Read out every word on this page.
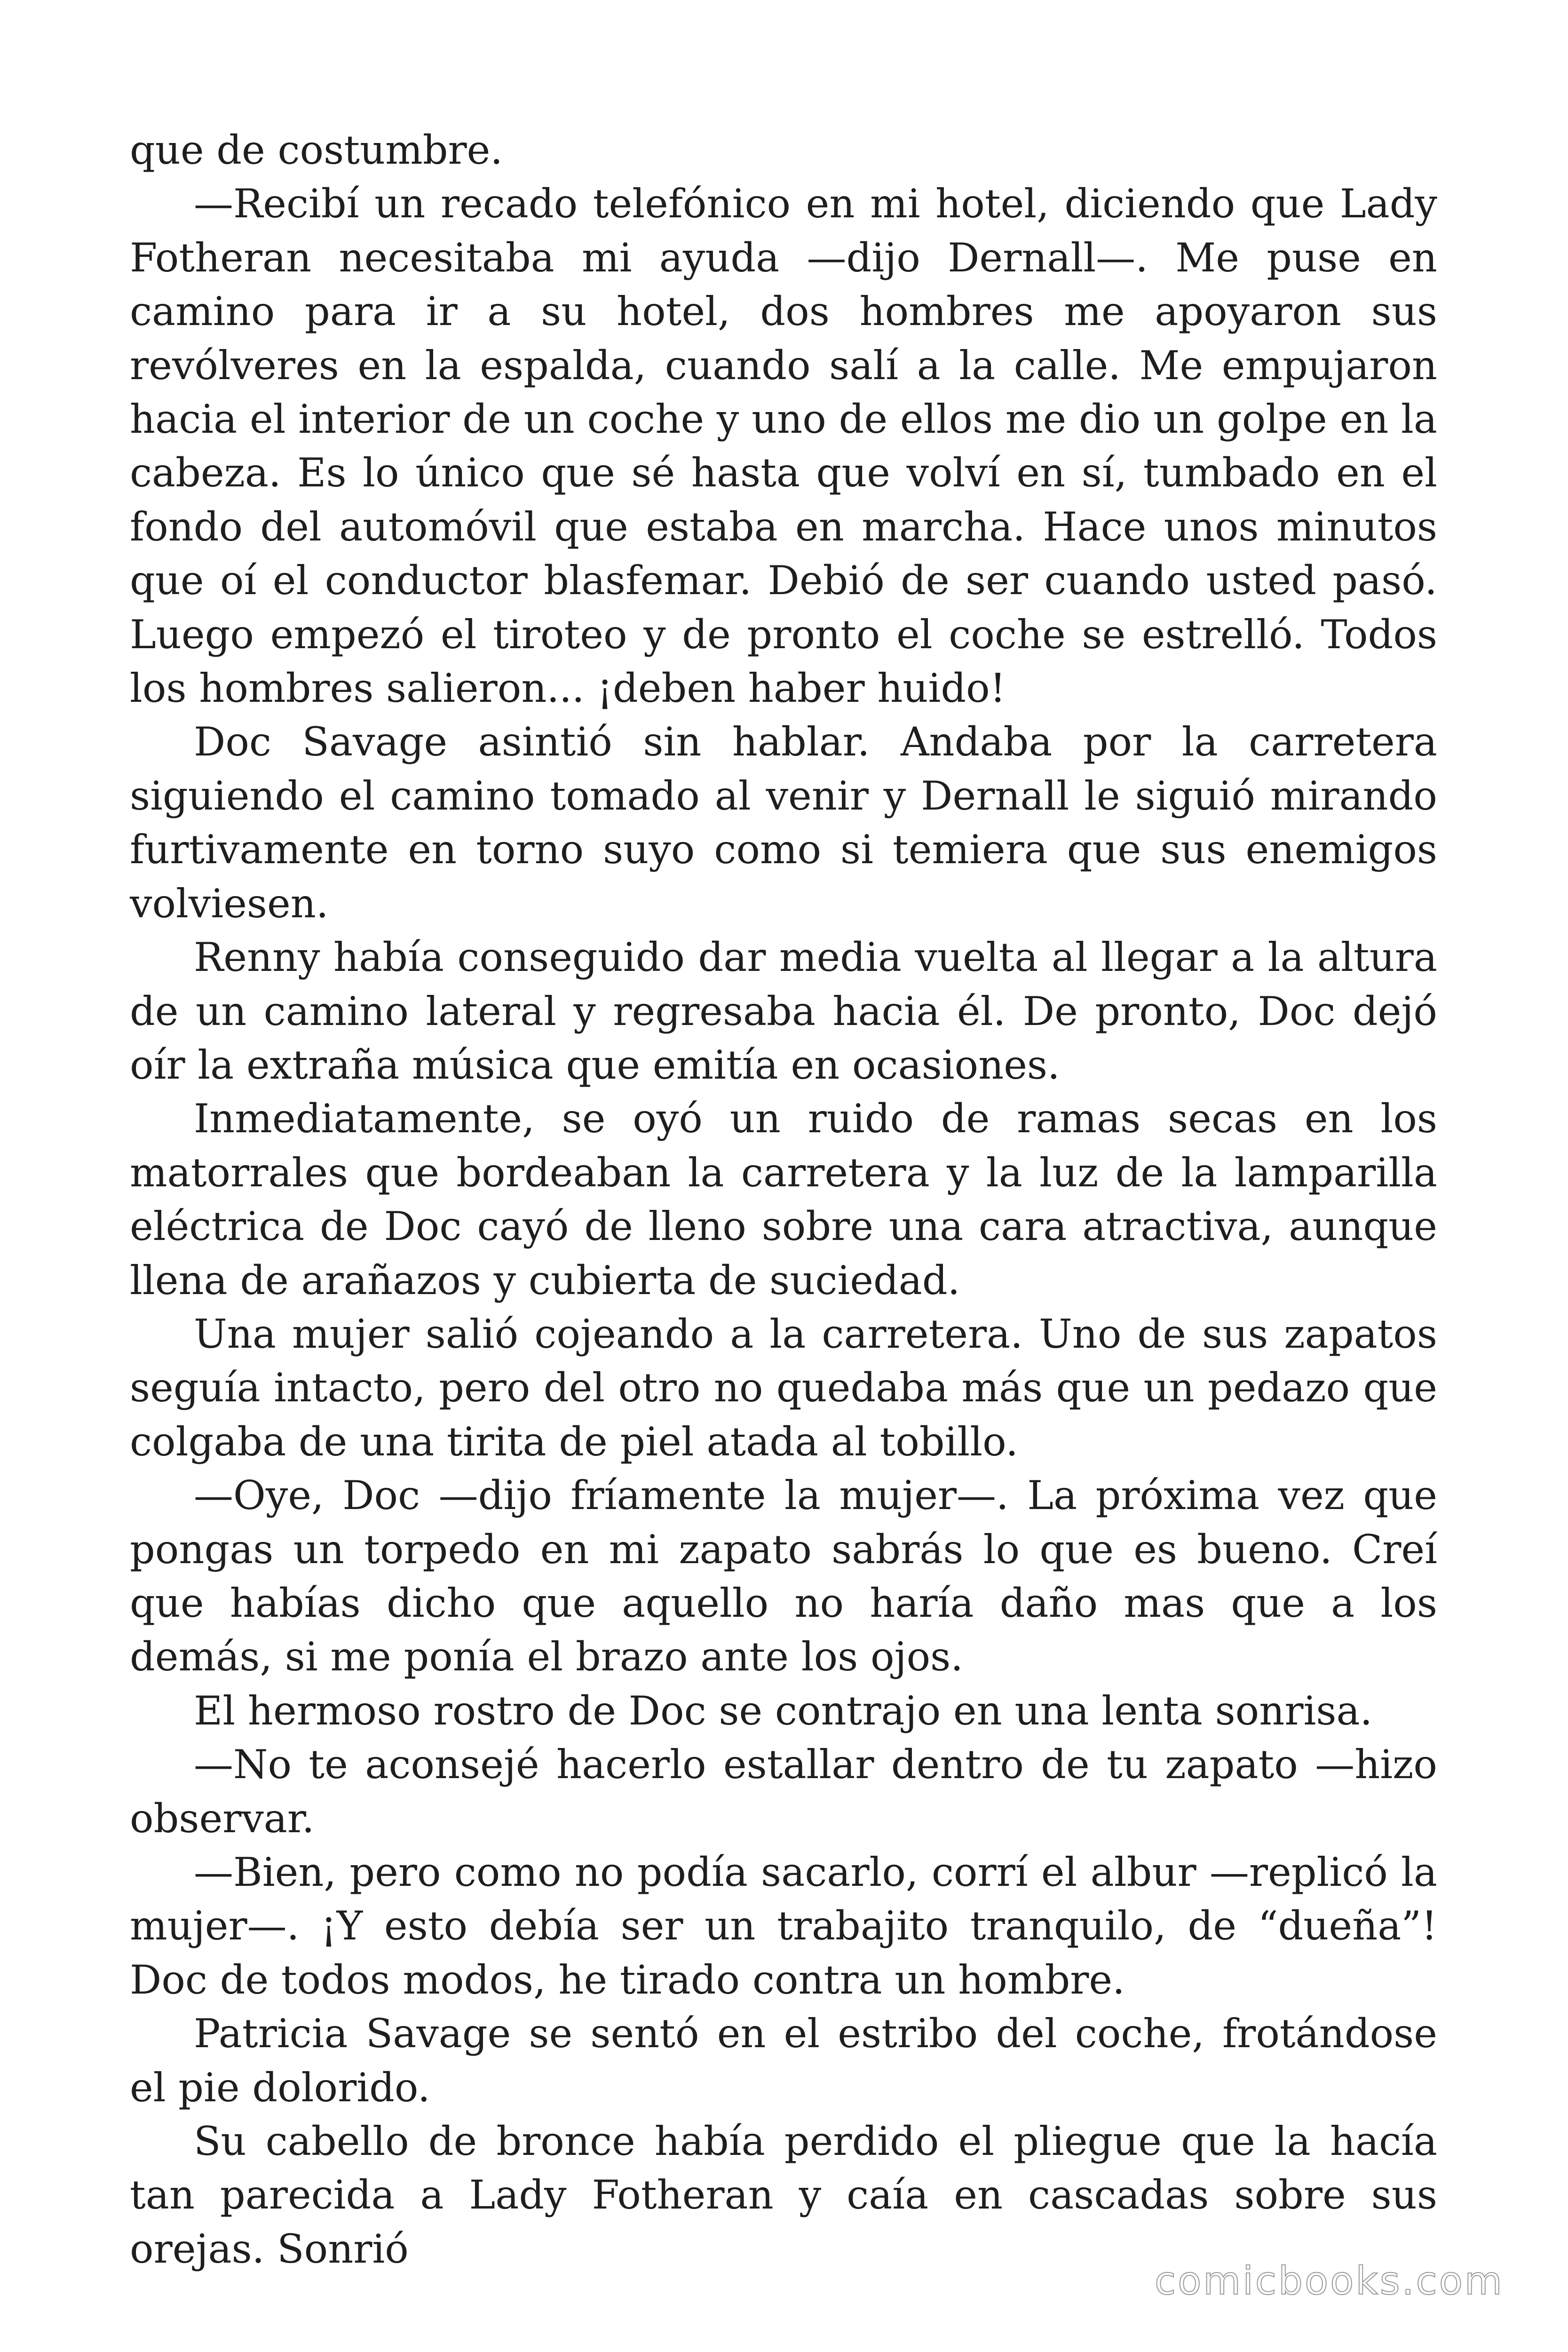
que de costumbre.

—Recibí un recado telefónico en mi hotel, diciendo que Lady Fotheran necesitaba mi ayuda —dijo Dernall—. Me puse en camino para ir a su hotel, dos hombres me apoyaron sus revólveres en la espalda, cuando salí a la calle. Me empujaron hacia el interior de un coche y uno de ellos me dio un golpe en la cabeza. Es lo único que sé hasta que volví en sí, tumbado en el fondo del automóvil que estaba en marcha. Hace unos minutos que oí el conductor blasfemar. Debió de ser cuando usted pasó. Luego empezó el tiroteo y de pronto el coche se estrelló. Todos los hombres salieron... ¡deben haber huido!

Doc Savage asintió sin hablar. Andaba por la carretera siguiendo el camino tomado al venir y Dernall le siguió mirando furtivamente en torno suyo como si temiera que sus enemigos volviesen.

Renny había conseguido dar media vuelta al llegar a la altura de un camino lateral y regresaba hacia él. De pronto, Doc dejó oír la extraña música que emitía en ocasiones.

Inmediatamente, se oyó un ruido de ramas secas en los matorrales que bordeaban la carretera y la luz de la lamparilla eléctrica de Doc cayó de lleno sobre una cara atractiva, aunque llena de arañazos y cubierta de suciedad.

Una mujer salió cojeando a la carretera. Uno de sus zapatos seguía intacto, pero del otro no quedaba más que un pedazo que colgaba de una tirita de piel atada al tobillo.

—Oye, Doc —dijo fríamente la mujer—. La próxima vez que pongas un torpedo en mi zapato sabrás lo que es bueno. Creí que habías dicho que aquello no haría daño mas que a los demás, si me ponía el brazo ante los ojos.

El hermoso rostro de Doc se contrajo en una lenta sonrisa.

—No te aconsejé hacerlo estallar dentro de tu zapato —hizo observar.

—Bien, pero como no podía sacarlo, corrí el albur —replicó la mujer—. ¡Y esto debía ser un trabajito tranquilo, de “dueña”! Doc de todos modos, he tirado contra un hombre.

Patricia Savage se sentó en el estribo del coche, frotándose el pie dolorido.

Su cabello de bronce había perdido el pliegue que la hacía tan parecida a Lady Fotheran y caía en cascadas sobre sus orejas. Sonrió

comicbooks.com
